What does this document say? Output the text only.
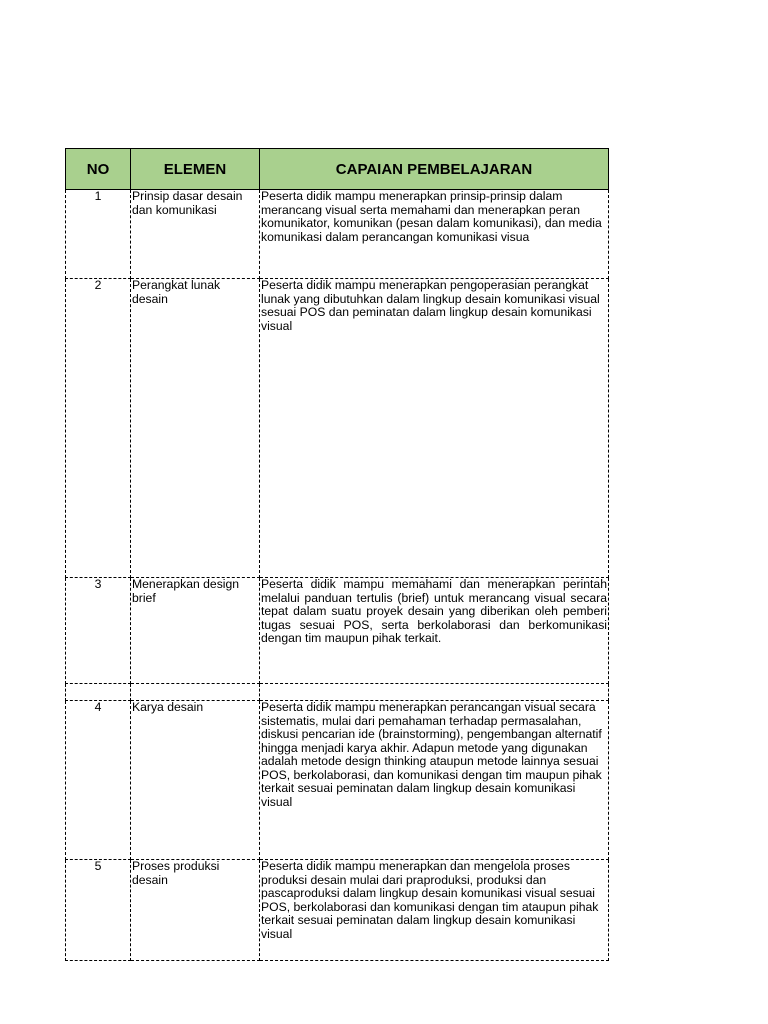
NO	ELEMEN	CAPAIAN PEMBELAJARAN
1	Prinsip dasar desain dan komunikasi	Peserta didik mampu menerapkan prinsip-prinsip dalam merancang visual serta memahami dan menerapkan peran komunikator, komunikan (pesan dalam komunikasi), dan media komunikasi dalam perancangan komunikasi visua
2	Perangkat lunak desain	Peserta didik mampu menerapkan pengoperasian perangkat lunak yang dibutuhkan dalam lingkup desain komunikasi visual sesuai POS dan peminatan dalam lingkup desain komunikasi visual
3	Menerapkan design brief	Peserta didik mampu memahami dan menerapkan perintah melalui panduan tertulis (brief) untuk merancang visual secara tepat dalam suatu proyek desain yang diberikan oleh pemberi tugas sesuai POS, serta berkolaborasi dan berkomunikasi dengan tim maupun pihak terkait.

4	Karya desain	Peserta didik mampu menerapkan perancangan visual secara sistematis, mulai dari pemahaman terhadap permasalahan, diskusi pencarian ide (brainstorming), pengembangan alternatif hingga menjadi karya akhir. Adapun metode yang digunakan adalah metode design thinking ataupun metode lainnya sesuai POS, berkolaborasi, dan komunikasi dengan tim maupun pihak terkait sesuai peminatan dalam lingkup desain komunikasi visual
5	Proses produksi desain	Peserta didik mampu menerapkan dan mengelola proses produksi desain mulai dari praproduksi, produksi dan pascaproduksi dalam lingkup desain komunikasi visual sesuai POS, berkolaborasi dan komunikasi dengan tim ataupun pihak terkait sesuai peminatan dalam lingkup desain komunikasi visual
